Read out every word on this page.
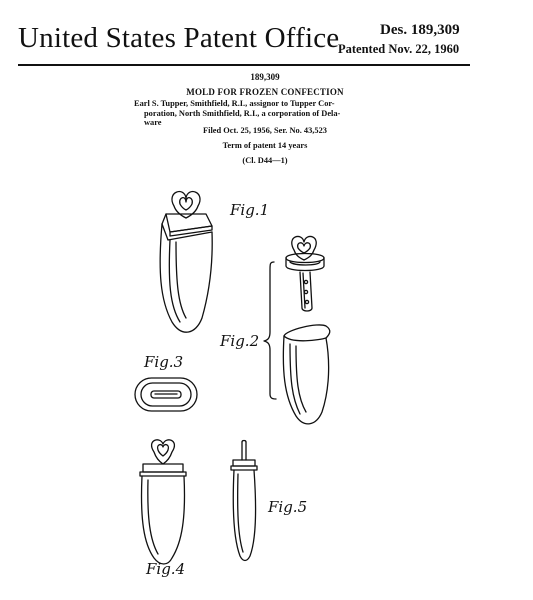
United States Patent Office	Des. 189,309
Patented Nov. 22, 1960
189,309
MOLD FOR FROZEN CONFECTION
Earl S. Tupper, Smithfield, R.I., assignor to Tupper Cor-
poration, North Smithfield, R.I., a corporation of Dela-
ware
Filed Oct. 25, 1956, Ser. No. 43,523
Term of patent 14 years
(Cl. D44—1)
Fig.1
Fig.2
Fig.3
Fig.4
Fig.5
